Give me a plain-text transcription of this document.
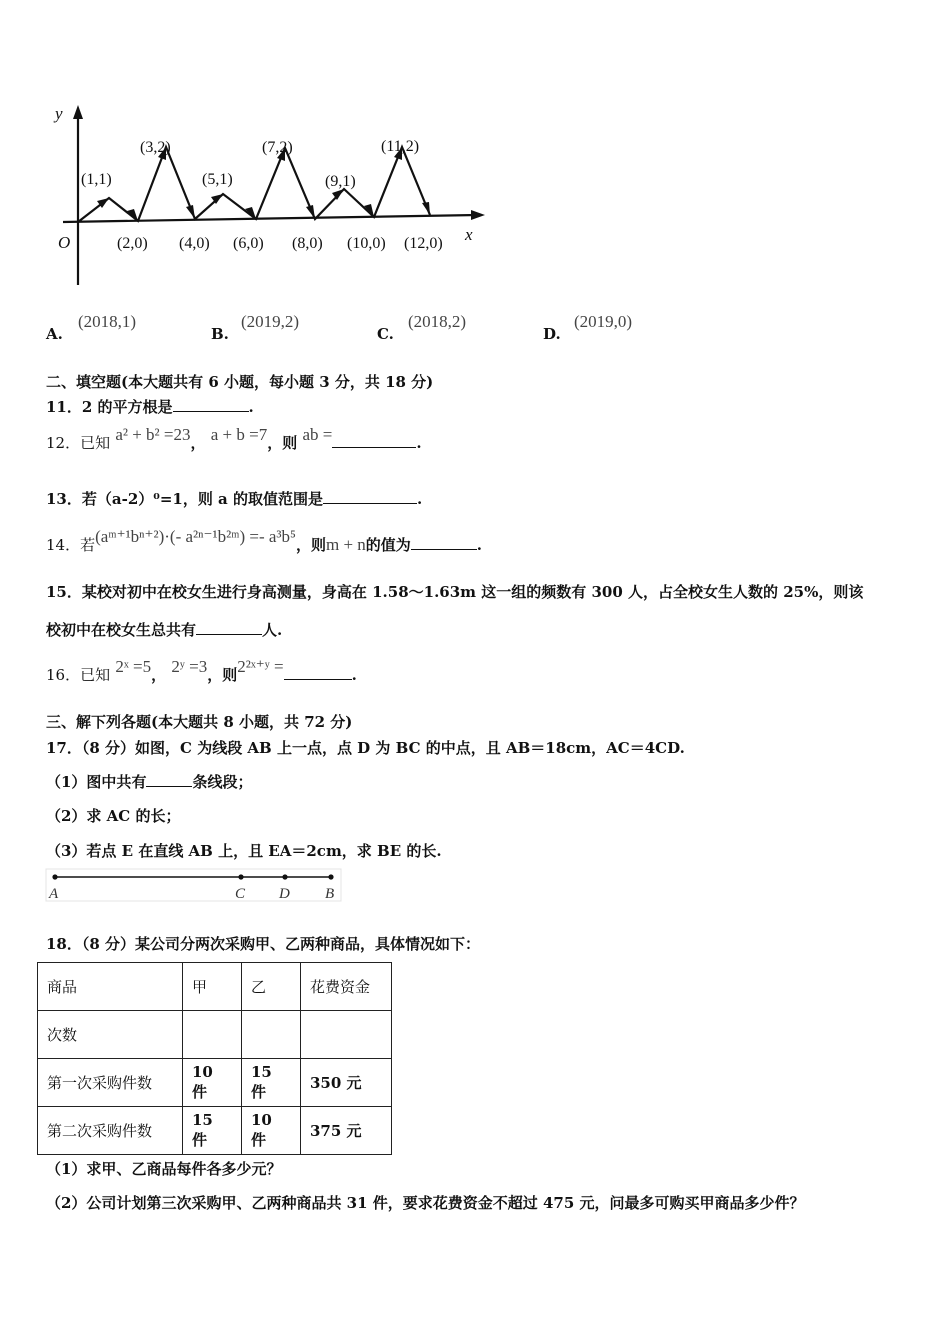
y
x
O
(1,1)
(3,2)
(5,1)
(7,2)
(9,1)
(11,2)
(2,0) (4,0) (6,0) (8,0) (10,0) (12,0)
A.
(2018,1)
B.
(2019,2)
C.
(2018,2)
D.
(2019,0)
二、填空题(本大题共有 6 小题，每小题 3 分，共 18 分)
11．2 的平方根是	.
12．已知 a² + b² =23， a + b =7，则 ab =	.
13．若（a-2）⁰=1，则 a 的取值范围是	.
14．若(aᵐ⁺¹bⁿ⁺²)·(- a²ⁿ⁻¹b²ᵐ) =- a³b⁵，则m + n的值为	.
15．某校对初中在校女生进行身高测量，身高在 1.58～1.63m 这一组的频数有 300 人，占全校女生人数的 25%，则该
校初中在校女生总共有	人.
16．已知 2ˣ =5， 2ʸ =3，则2²ˣ⁺ʸ =	.
三、解下列各题(本大题共 8 小题，共 72 分)
17．（8 分）如图，C 为线段 AB 上一点，点 D 为 BC 的中点，且 AB＝18cm，AC＝4CD.
（1）图中共有	条线段；
（2）求 AC 的长；
（3）若点 E 在直线 AB 上，且 EA＝2cm，求 BE 的长.
A	C D B
18．（8 分）某公司分两次采购甲、乙两种商品，具体情况如下：
商品	甲	乙	花费资金
次数			
第一次采购件数	10 件	15 件	350 元
第二次采购件数	15 件	10 件	375 元
（1）求甲、乙商品每件各多少元？
（2）公司计划第三次采购甲、乙两种商品共 31 件，要求花费资金不超过 475 元，问最多可购买甲商品多少件？
